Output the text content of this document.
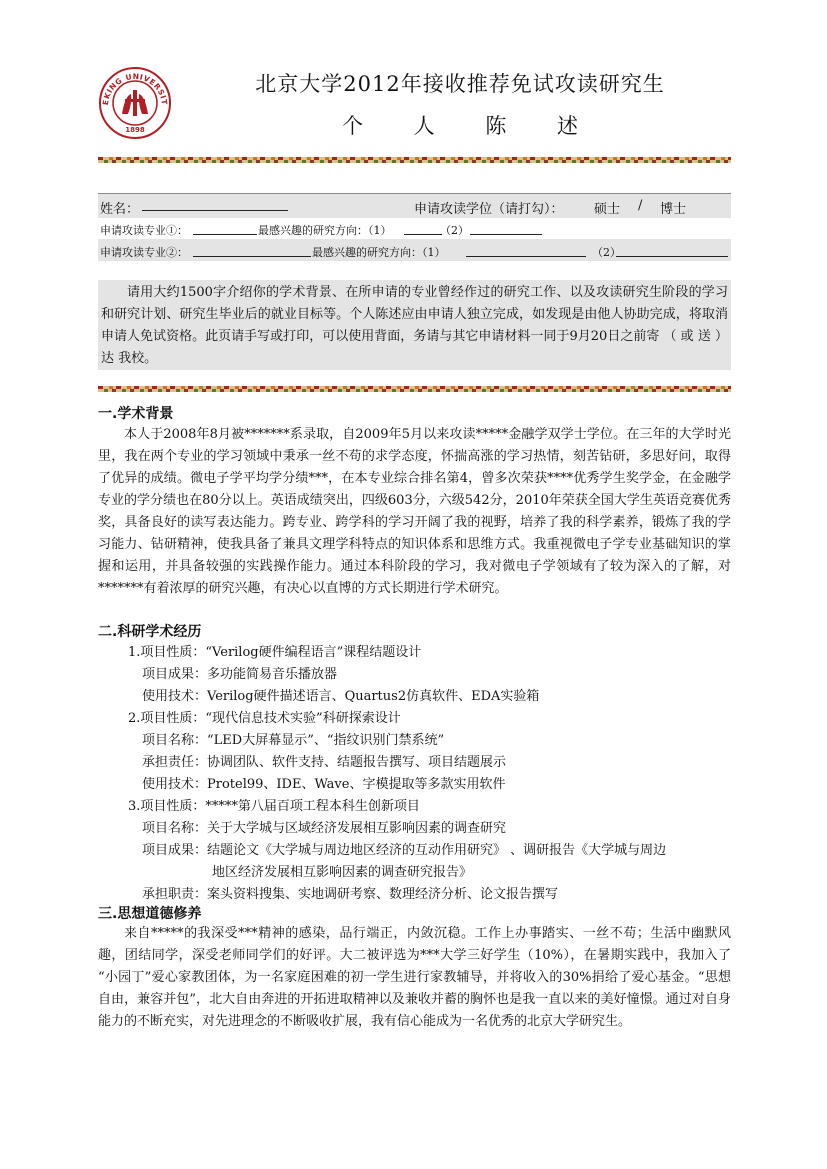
EKING UNIVERSIT
1898
北京大学2012年接收推荐免试攻读研究生
个 人 陈 述
姓名：	申请攻读学位（请打勾）： 硕士 / 博士
申请攻读专业①：	最感兴趣的研究方向：（1）	（2）
申请攻读专业②：	最感兴趣的研究方向：（1）	（2）

请用大约1500字介绍你的学术背景、在所申请的专业曾经作过的研究工作、以及攻读研究生阶段的学习和研究计划、研究生毕业后的就业目标等。个人陈述应由申请人独立完成，如发现是由他人协助完成，将取消申请人免试资格。此页请手写或打印，可以使用背面，务请与其它申请材料一同于9月20日之前寄 （ 或 送 ） 达 我校。

一.学术背景

本人于2008年8月被*******系录取，自2009年5月以来攻读*****金融学双学士学位。在三年的大学时光里，我在两个专业的学习领域中秉承一丝不苟的求学态度，怀揣高涨的学习热情，刻苦钻研，多思好问，取得了优异的成绩。微电子学平均学分绩***，在本专业综合排名第4，曾多次荣获****优秀学生奖学金，在金融学专业的学分绩也在80分以上。英语成绩突出，四级603分，六级542分，2010年荣获全国大学生英语竞赛优秀奖，具备良好的读写表达能力。跨专业、跨学科的学习开阔了我的视野，培养了我的科学素养，锻炼了我的学习能力、钻研精神，使我具备了兼具文理学科特点的知识体系和思维方式。我重视微电子学专业基础知识的掌握和运用，并具备较强的实践操作能力。通过本科阶段的学习，我对微电子学领域有了较为深入的了解，对*******有着浓厚的研究兴趣，有决心以直博的方式长期进行学术研究。

二.科研学术经历
1.项目性质：“Verilog硬件编程语言”课程结题设计
项目成果：多功能简易音乐播放器
使用技术：Verilog硬件描述语言、Quartus2仿真软件、EDA实验箱
2.项目性质：“现代信息技术实验”科研探索设计
项目名称：“LED大屏幕显示”、“指纹识别门禁系统”
承担责任：协调团队、软件支持、结题报告撰写、项目结题展示
使用技术：Protel99、IDE、Wave、字模提取等多款实用软件
3.项目性质：*****第八届百项工程本科生创新项目
项目名称：关于大学城与区域经济发展相互影响因素的调查研究
项目成果：结题论文《大学城与周边地区经济的互动作用研究》 、调研报告《大学城与周边
地区经济发展相互影响因素的调查研究报告》
承担职责：案头资料搜集、实地调研考察、数理经济分析、论文报告撰写
三.思想道德修养

来自*****的我深受***精神的感染，品行端正，内敛沉稳。工作上办事踏实、一丝不苟；生活中幽默风趣，团结同学，深受老师同学们的好评。大二被评选为***大学三好学生（10%），在暑期实践中，我加入了 “小园丁”爱心家教团体，为一名家庭困难的初一学生进行家教辅导，并将收入的30%捐给了爱心基金。“思想自由，兼容并包”，北大自由奔进的开拓进取精神以及兼收并蓄的胸怀也是我一直以来的美好憧憬。通过对自身能力的不断充实，对先进理念的不断吸收扩展，我有信心能成为一名优秀的北京大学研究生。
